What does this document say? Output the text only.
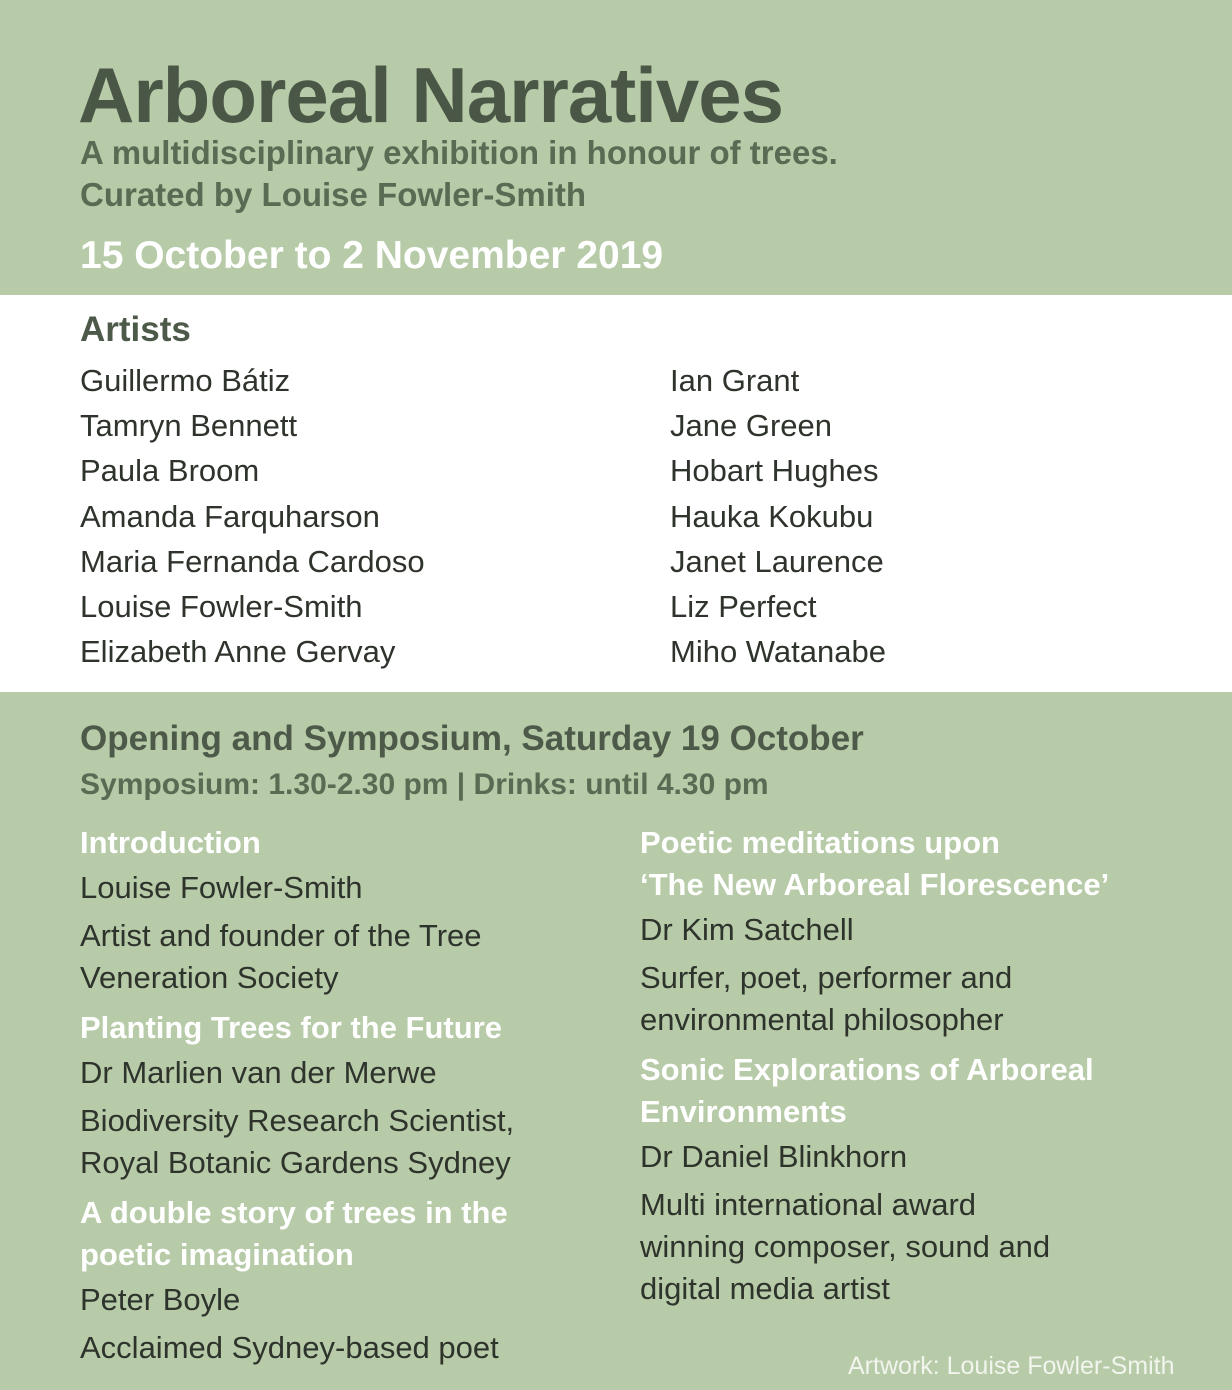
Arboreal Narratives
A multidisciplinary exhibition in honour of trees.
Curated by Louise Fowler-Smith
15 October to 2 November 2019
Artists
Guillermo Bátiz
Tamryn Bennett
Paula Broom
Amanda Farquharson
Maria Fernanda Cardoso
Louise Fowler-Smith
Elizabeth Anne Gervay
Ian Grant
Jane Green
Hobart Hughes
Hauka Kokubu
Janet Laurence
Liz Perfect
Miho Watanabe
Opening and Symposium, Saturday 19 October
Symposium: 1.30-2.30 pm | Drinks: until 4.30 pm

Introduction

Louise Fowler-Smith

Artist and founder of the Tree
Veneration Society

Planting Trees for the Future

Dr Marlien van der Merwe

Biodiversity Research Scientist,
Royal Botanic Gardens Sydney

A double story of trees in the
poetic imagination

Peter Boyle

Acclaimed Sydney-based poet

Poetic meditations upon
‘The New Arboreal Florescence’

Dr Kim Satchell

Surfer, poet, performer and
environmental philosopher

Sonic Explorations of Arboreal
Environments

Dr Daniel Blinkhorn

Multi international award
winning composer, sound and
digital media artist

Artwork: Louise Fowler-Smith
